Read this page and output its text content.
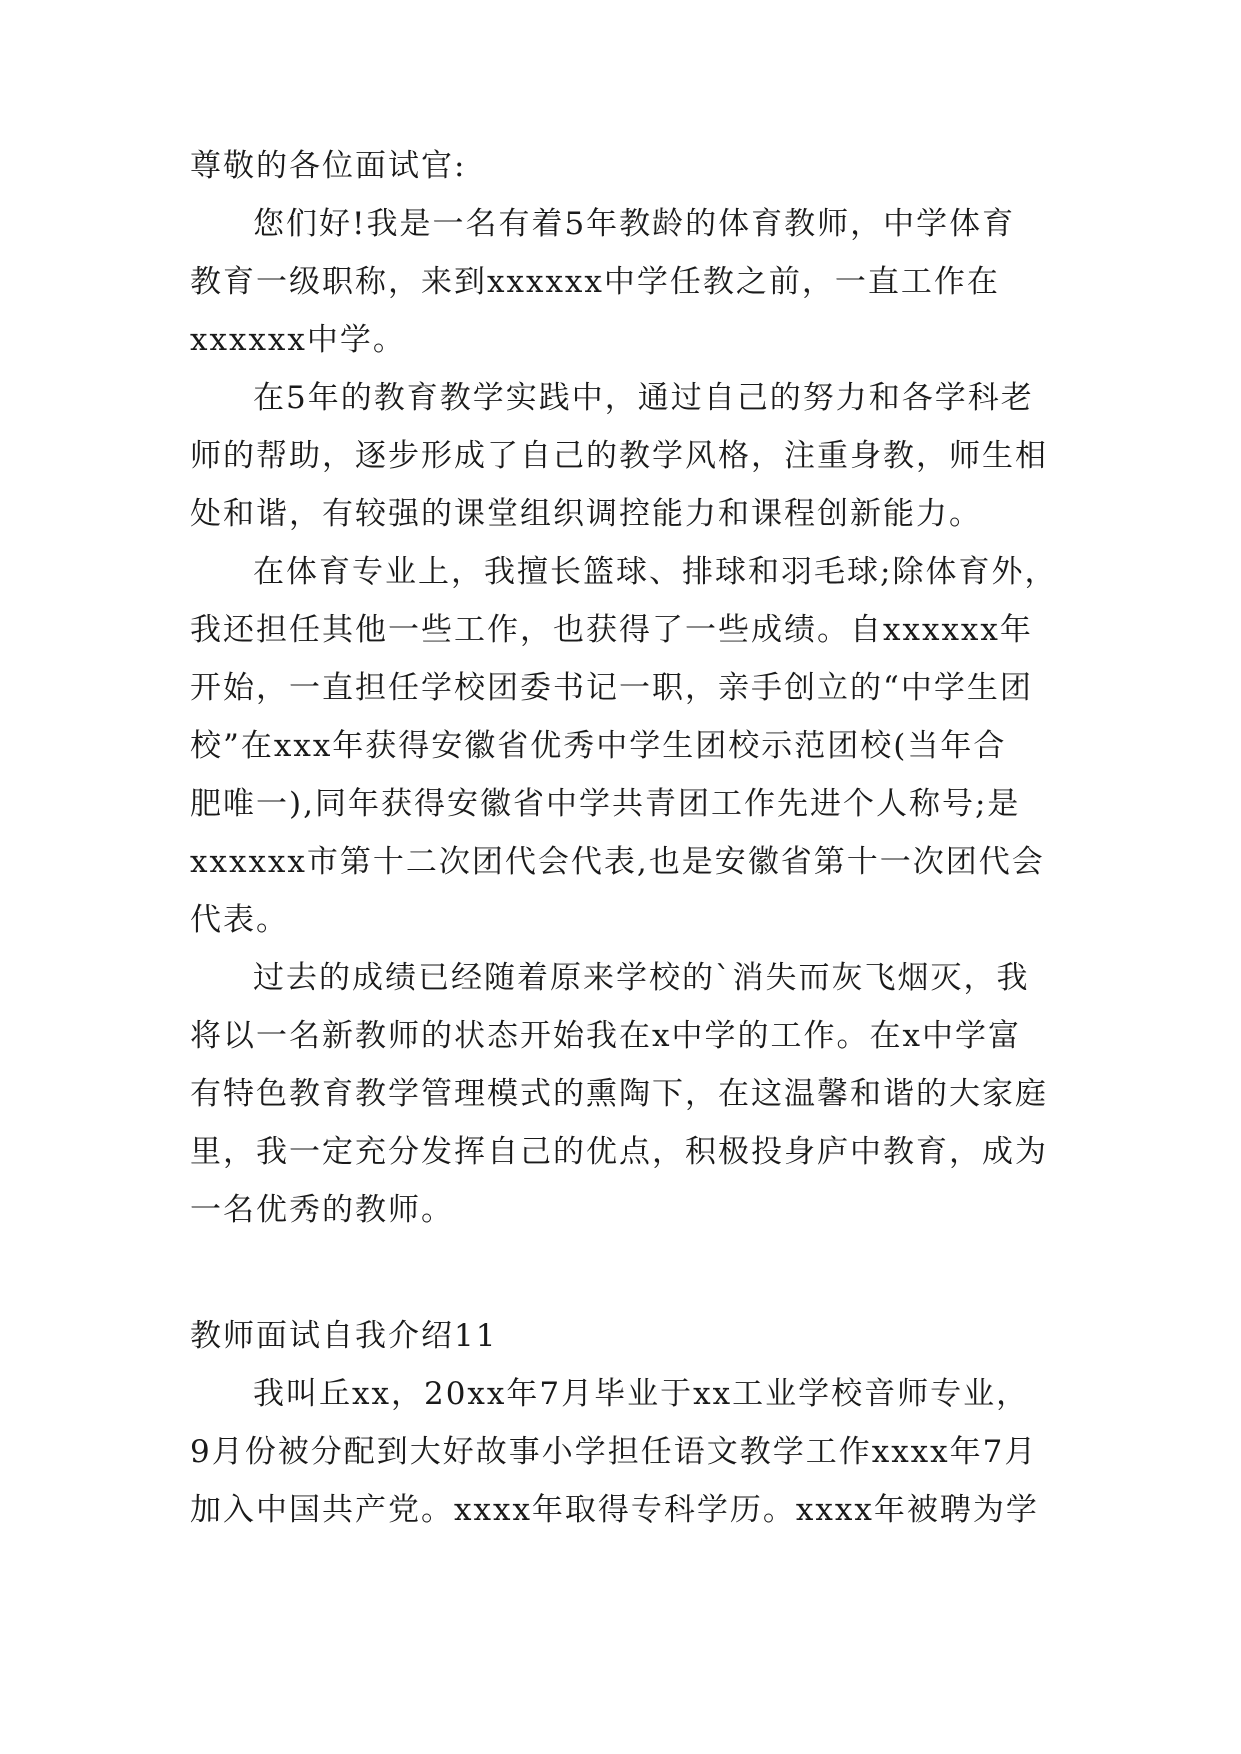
尊敬的各位面试官:
您们好!我是一名有着5年教龄的体育教师，中学体育
教育一级职称，来到xxxxxx中学任教之前，一直工作在
xxxxxx中学。
在5年的教育教学实践中，通过自己的努力和各学科老
师的帮助，逐步形成了自己的教学风格，注重身教，师生相
处和谐，有较强的课堂组织调控能力和课程创新能力。
在体育专业上，我擅长篮球、排球和羽毛球;除体育外，
我还担任其他一些工作，也获得了一些成绩。自xxxxxx年
开始，一直担任学校团委书记一职，亲手创立的“中学生团
校”在xxx年获得安徽省优秀中学生团校示范团校(当年合
肥唯一),同年获得安徽省中学共青团工作先进个人称号;是
xxxxxx市第十二次团代会代表,也是安徽省第十一次团代会
代表。
过去的成绩已经随着原来学校的`消失而灰飞烟灭，我
将以一名新教师的状态开始我在x中学的工作。在x中学富
有特色教育教学管理模式的熏陶下，在这温馨和谐的大家庭
里，我一定充分发挥自己的优点，积极投身庐中教育，成为
一名优秀的教师。
教师面试自我介绍11
我叫丘xx，20xx年7月毕业于xx工业学校音师专业，
9月份被分配到大好故事小学担任语文教学工作xxxx年7月
加入中国共产党。xxxx年取得专科学历。xxxx年被聘为学
